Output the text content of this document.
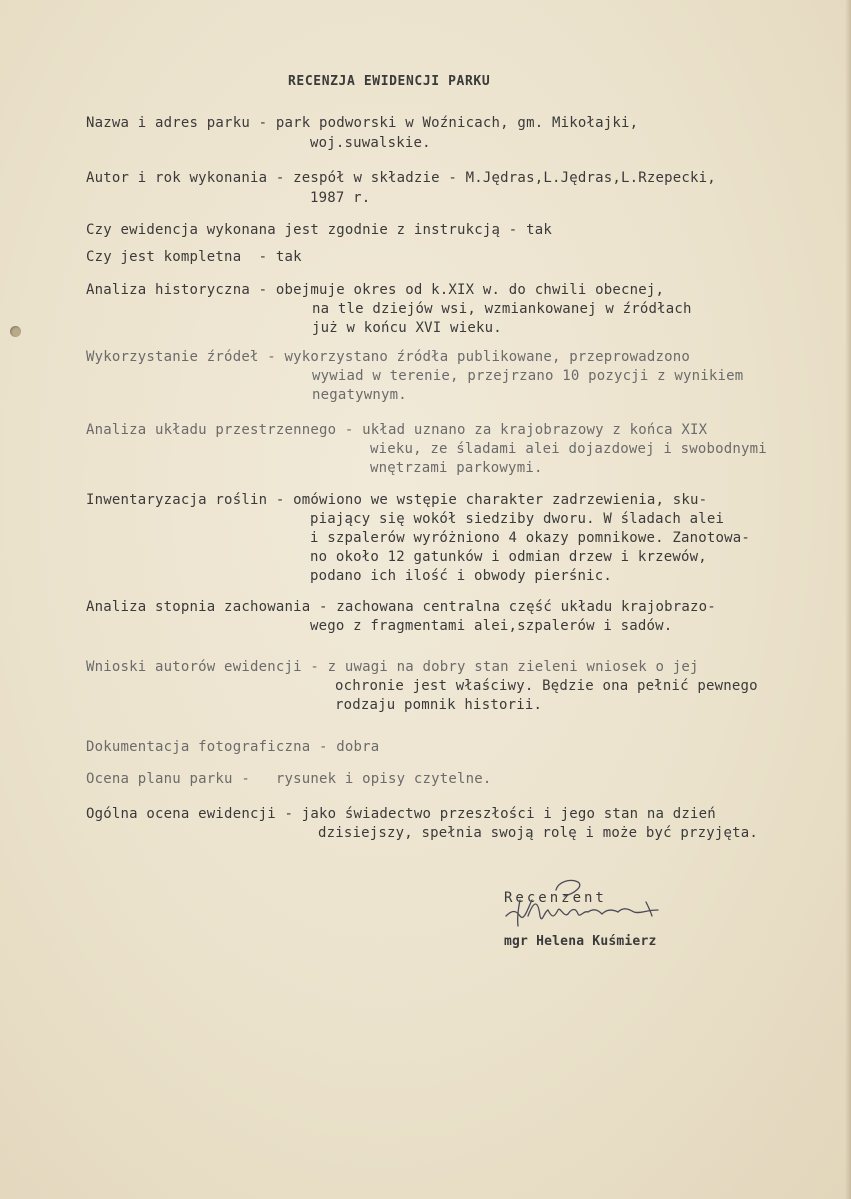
RECENZJA EWIDENCJI PARKU
Nazwa i adres parku - park podworski w Woźnicach, gm. Mikołajki,
woj.suwalskie.
Autor i rok wykonania - zespół w składzie - M.Jędras,L.Jędras,L.Rzepecki,
1987 r.
Czy ewidencja wykonana jest zgodnie z instrukcją - tak
Czy jest kompletna  - tak
Analiza historyczna - obejmuje okres od k.XIX w. do chwili obecnej,
na tle dziejów wsi, wzmiankowanej w źródłach
już w końcu XVI wieku.
Wykorzystanie źródeł - wykorzystano źródła publikowane, przeprowadzono
wywiad w terenie, przejrzano 10 pozycji z wynikiem
negatywnym.
Analiza układu przestrzennego - układ uznano za krajobrazowy z końca XIX
wieku, ze śladami alei dojazdowej i swobodnymi
wnętrzami parkowymi.
Inwentaryzacja roślin - omówiono we wstępie charakter zadrzewienia, sku-
piający się wokół siedziby dworu. W śladach alei
i szpalerów wyróżniono 4 okazy pomnikowe. Zanotowa-
no około 12 gatunków i odmian drzew i krzewów,
podano ich ilość i obwody pierśnic.
Analiza stopnia zachowania - zachowana centralna część układu krajobrazo-
wego z fragmentami alei,szpalerów i sadów.
Wnioski autorów ewidencji - z uwagi na dobry stan zieleni wniosek o jej
ochronie jest właściwy. Będzie ona pełnić pewnego
rodzaju pomnik historii.
Dokumentacja fotograficzna - dobra
Ocena planu parku -   rysunek i opisy czytelne.
Ogólna ocena ewidencji - jako świadectwo przeszłości i jego stan na dzień
dzisiejszy, spełnia swoją rolę i może być przyjęta.
Recenzent
mgr Helena Kuśmierz
